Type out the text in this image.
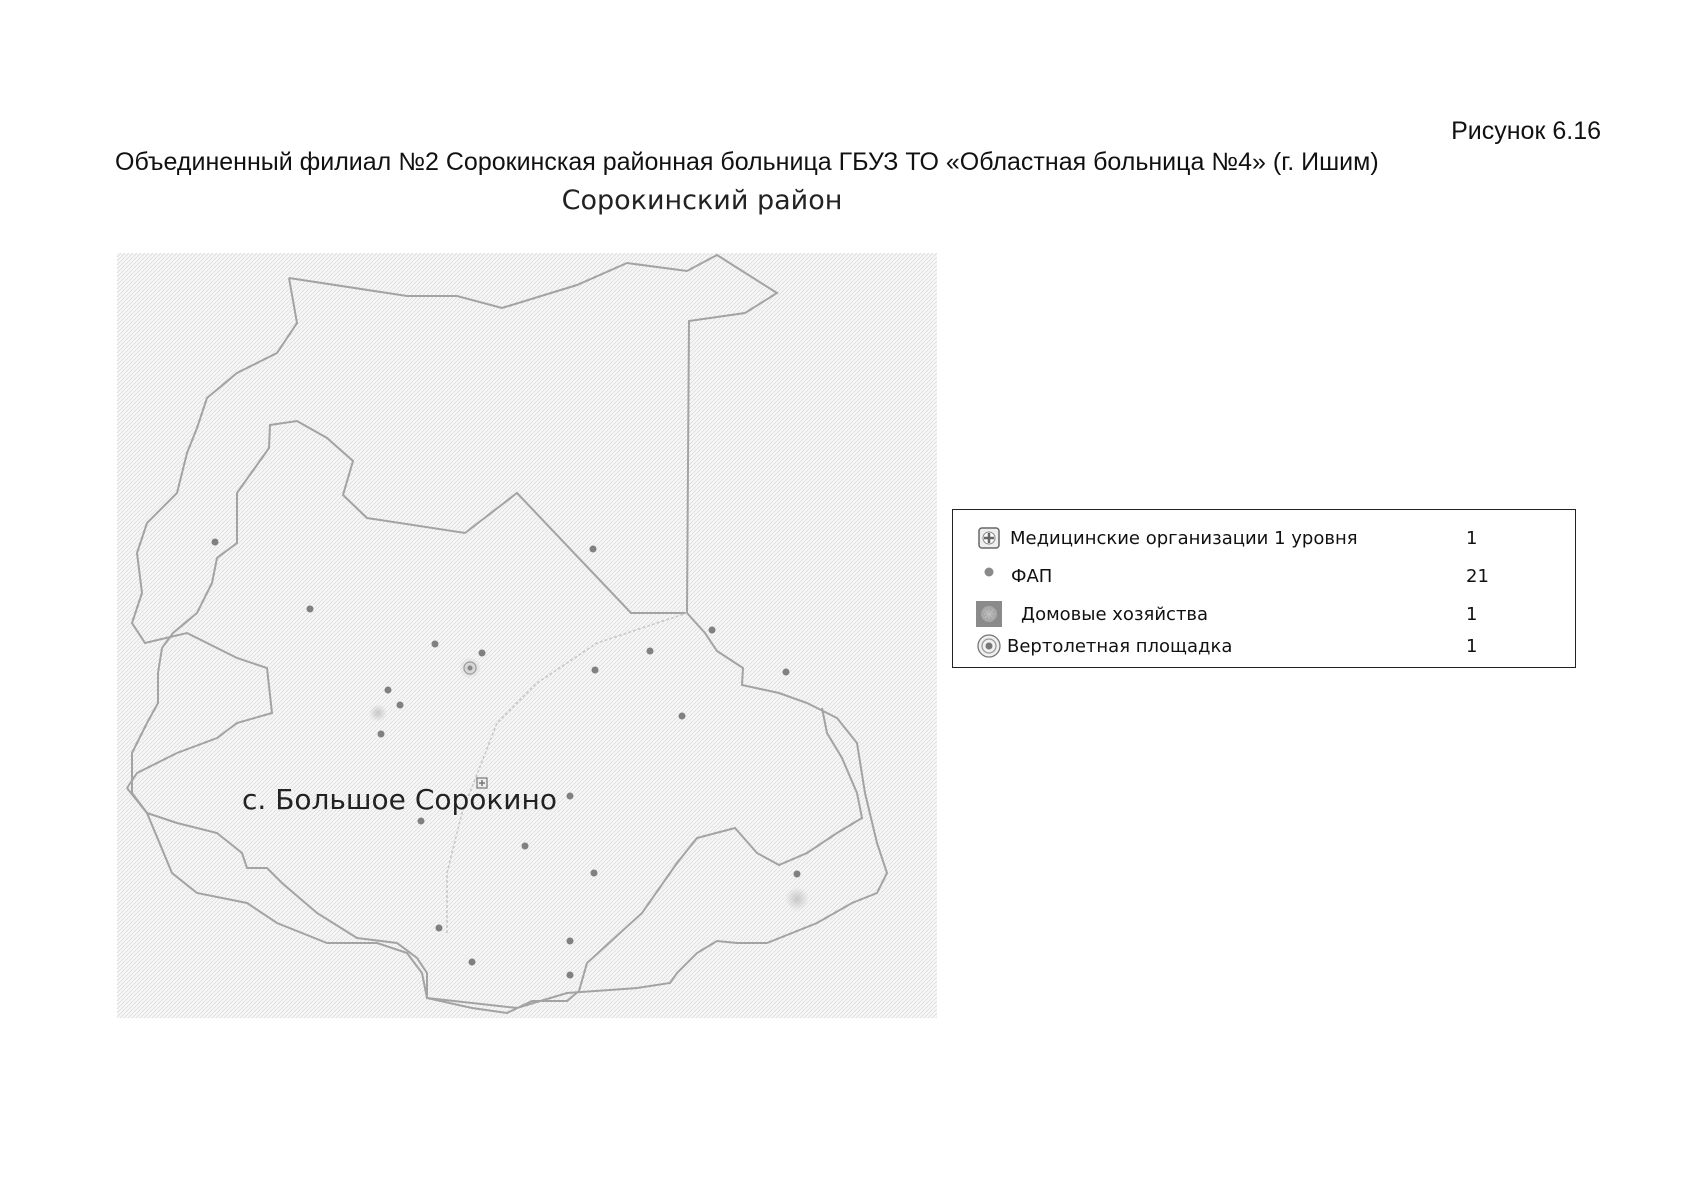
Рисунок 6.16
Объединенный филиал №2 Сорокинская районная больница ГБУЗ ТО «Областная больница №4» (г. Ишим)
Сорокинский район
с. Большое Сорокино
Медицинские организации 1 уровня	1
ФАП	21
Домовые хозяйства	1
Вертолетная площадка	1
